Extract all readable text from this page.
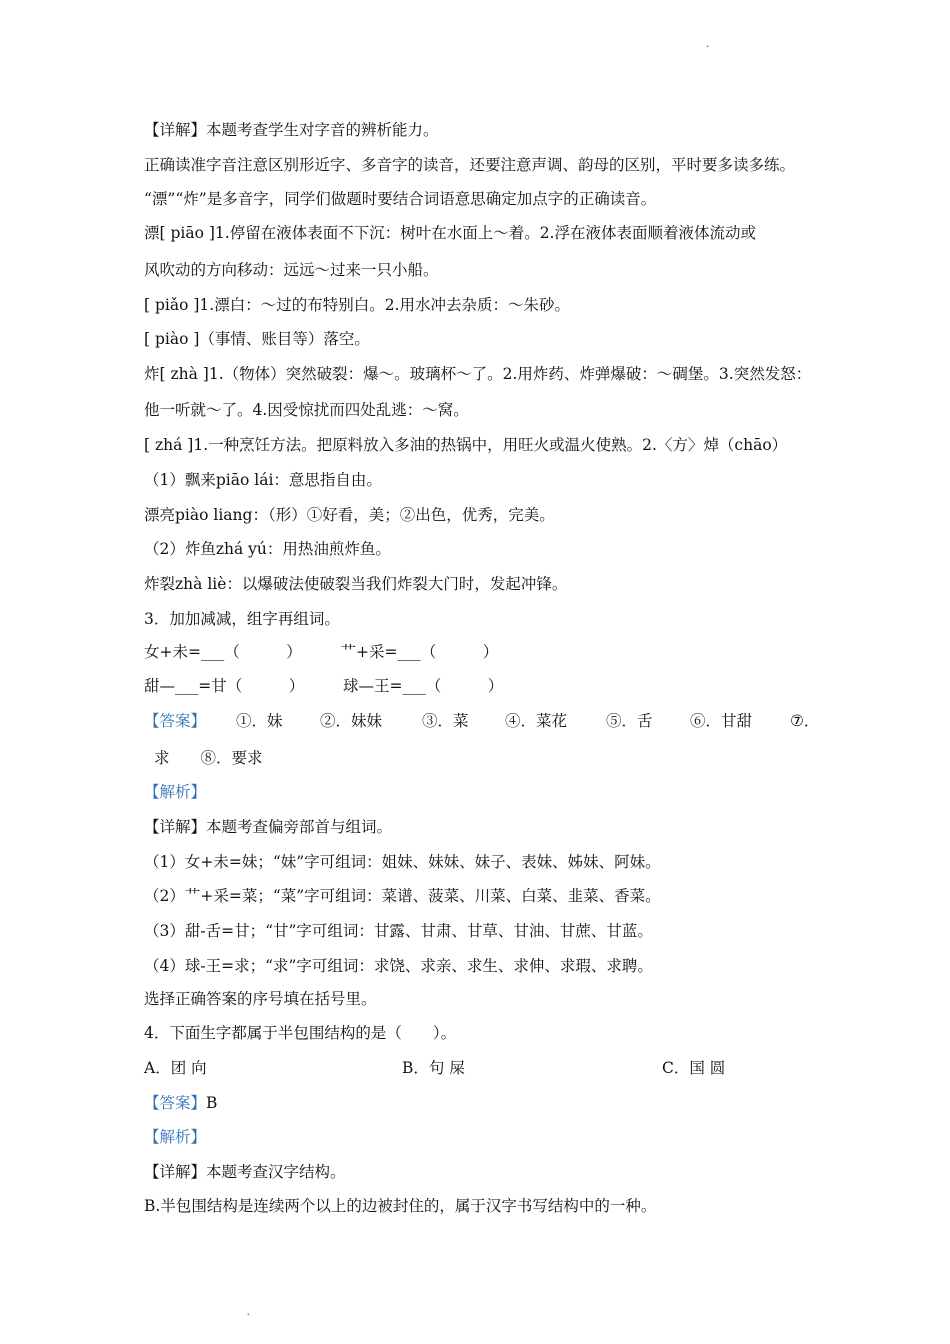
˛
【详解】本题考查学生对字音的辨析能力。
正确读准字音注意区别形近字、多音字的读音，还要注意声调、韵母的区别，平时要多读多练。
“漂”“炸”是多音字，同学们做题时要结合词语意思确定加点字的正确读音。
漂[ piāo ]1.停留在液体表面不下沉：树叶在水面上～着。2.浮在液体表面顺着液体流动或
风吹动的方向移动：远远～过来一只小船。
[ piǎo ]1.漂白：～过的布特别白。2.用水冲去杂质：～朱砂。
[ piào ]（事情、账目等）落空。
炸[ zhà ]1.（物体）突然破裂：爆～。玻璃杯～了。2.用炸药、炸弹爆破：～碉堡。3.突然发怒：
他一听就～了。4.因受惊扰而四处乱逃：～窝。
[ zhá ]1.一种烹饪方法。把原料放入多油的热锅中，用旺火或温火使熟。2.〈方〉焯（chāo）
（1）飘来piāo lái：意思指自由。
漂亮piào liang：（形）①好看，美；②出色，优秀，完美。
（2）炸鱼zhá yú：用热油煎炸鱼。
炸裂zhà liè：以爆破法使破裂当我们炸裂大门时，发起冲锋。
3．加加减减，组字再组词。
女+未=___（　　　）　　　艹+采=___（　　　）
甜—___=甘（　　　）　　　球—王=___（　　　）
【答案】 ①．妹 ②．妹妹	③．菜 ④．菜花	⑤．舌 ⑥．甘甜 ⑦．
求　　⑧．要求
【解析】
【详解】本题考查偏旁部首与组词。
（1）女+未=妹；“妹”字可组词：姐妹、妹妹、妹子、表妹、姊妹、阿妹。
（2）艹+采=菜；“菜”字可组词：菜谱、菠菜、川菜、白菜、韭菜、香菜。
（3）甜-舌=甘；“甘”字可组词：甘露、甘肃、甘草、甘油、甘蔗、甘蓝。
（4）球-王=求；“求”字可组词：求饶、求亲、求生、求伸、求瑕、求聘。
选择正确答案的序号填在括号里。
4．下面生字都属于半包围结构的是（　　）。
A．团 向	B．句 屎	C．国 圆
【答案】B
【解析】
【详解】本题考查汉字结构。
B.半包围结构是连续两个以上的边被封住的，属于汉字书写结构中的一种。
˛
